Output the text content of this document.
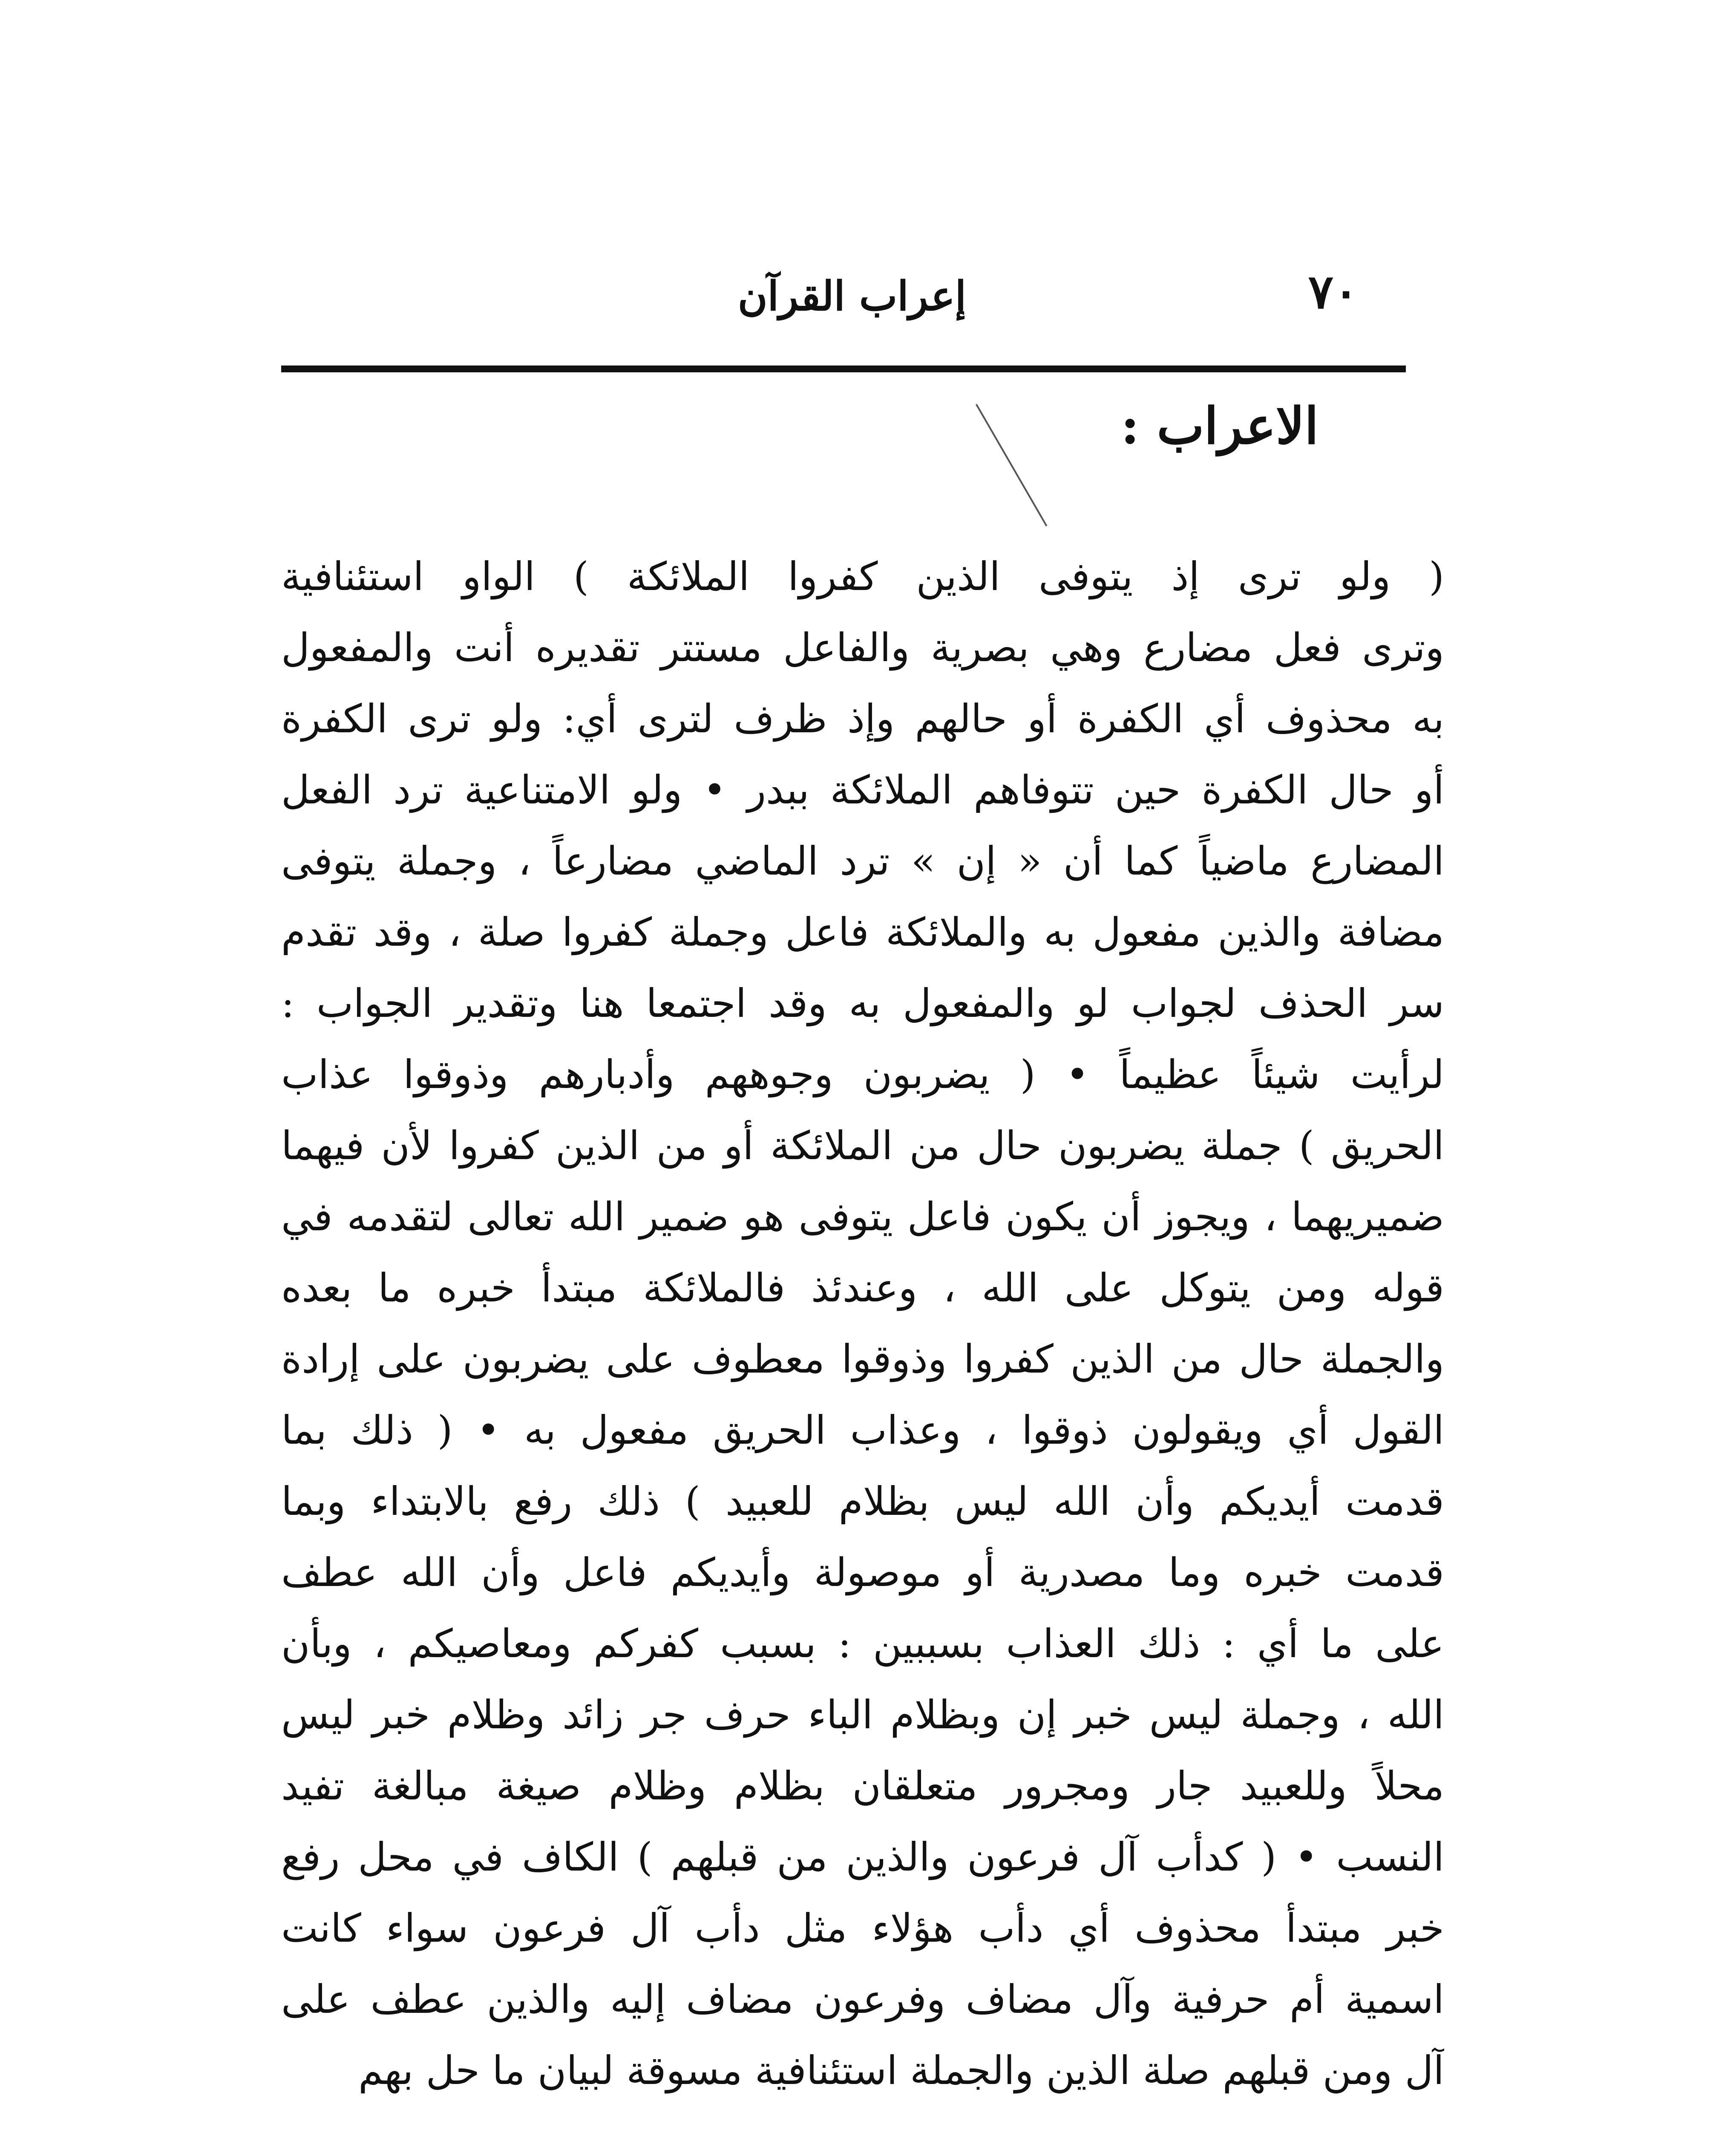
٧٠
إعراب القرآن
الاعراب :
( ولو ترى إذ يتوفى الذين كفروا الملائكة ) الواو استئنافية
وترى فعل مضارع وهي بصرية والفاعل مستتر تقديره أنت والمفعول
به محذوف أي الكفرة أو حالهم وإذ ظرف لترى أي: ولو ترى الكفرة
أو حال الكفرة حين تتوفاهم الملائكة ببدر • ولو الامتناعية ترد الفعل
المضارع ماضياً كما أن « إن » ترد الماضي مضارعاً ، وجملة يتوفى
مضافة والذين مفعول به والملائكة فاعل وجملة كفروا صلة ، وقد تقدم
سر الحذف لجواب لو والمفعول به وقد اجتمعا هنا وتقدير الجواب :
لرأيت شيئاً عظيماً • ( يضربون وجوههم وأدبارهم وذوقوا عذاب
الحريق ) جملة يضربون حال من الملائكة أو من الذين كفروا لأن فيهما
ضميريهما ، ويجوز أن يكون فاعل يتوفى هو ضمير الله تعالى لتقدمه في
قوله ومن يتوكل على الله ، وعندئذ فالملائكة مبتدأ خبره ما بعده
والجملة حال من الذين كفروا وذوقوا معطوف على يضربون على إرادة
القول أي ويقولون ذوقوا ، وعذاب الحريق مفعول به • ( ذلك بما
قدمت أيديكم وأن الله ليس بظلام للعبيد ) ذلك رفع بالابتداء وبما
قدمت خبره وما مصدرية أو موصولة وأيديكم فاعل وأن الله عطف
على ما أي : ذلك العذاب بسببين : بسبب كفركم ومعاصيكم ، وبأن
الله ، وجملة ليس خبر إن وبظلام الباء حرف جر زائد وظلام خبر ليس
محلاً وللعبيد جار ومجرور متعلقان بظلام وظلام صيغة مبالغة تفيد
النسب • ( كدأب آل فرعون والذين من قبلهم ) الكاف في محل رفع
خبر مبتدأ محذوف أي دأب هؤلاء مثل دأب آل فرعون سواء كانت
اسمية أم حرفية وآل مضاف وفرعون مضاف إليه والذين عطف على
آل ومن قبلهم صلة الذين والجملة استئنافية مسوقة لبيان ما حل بهم
